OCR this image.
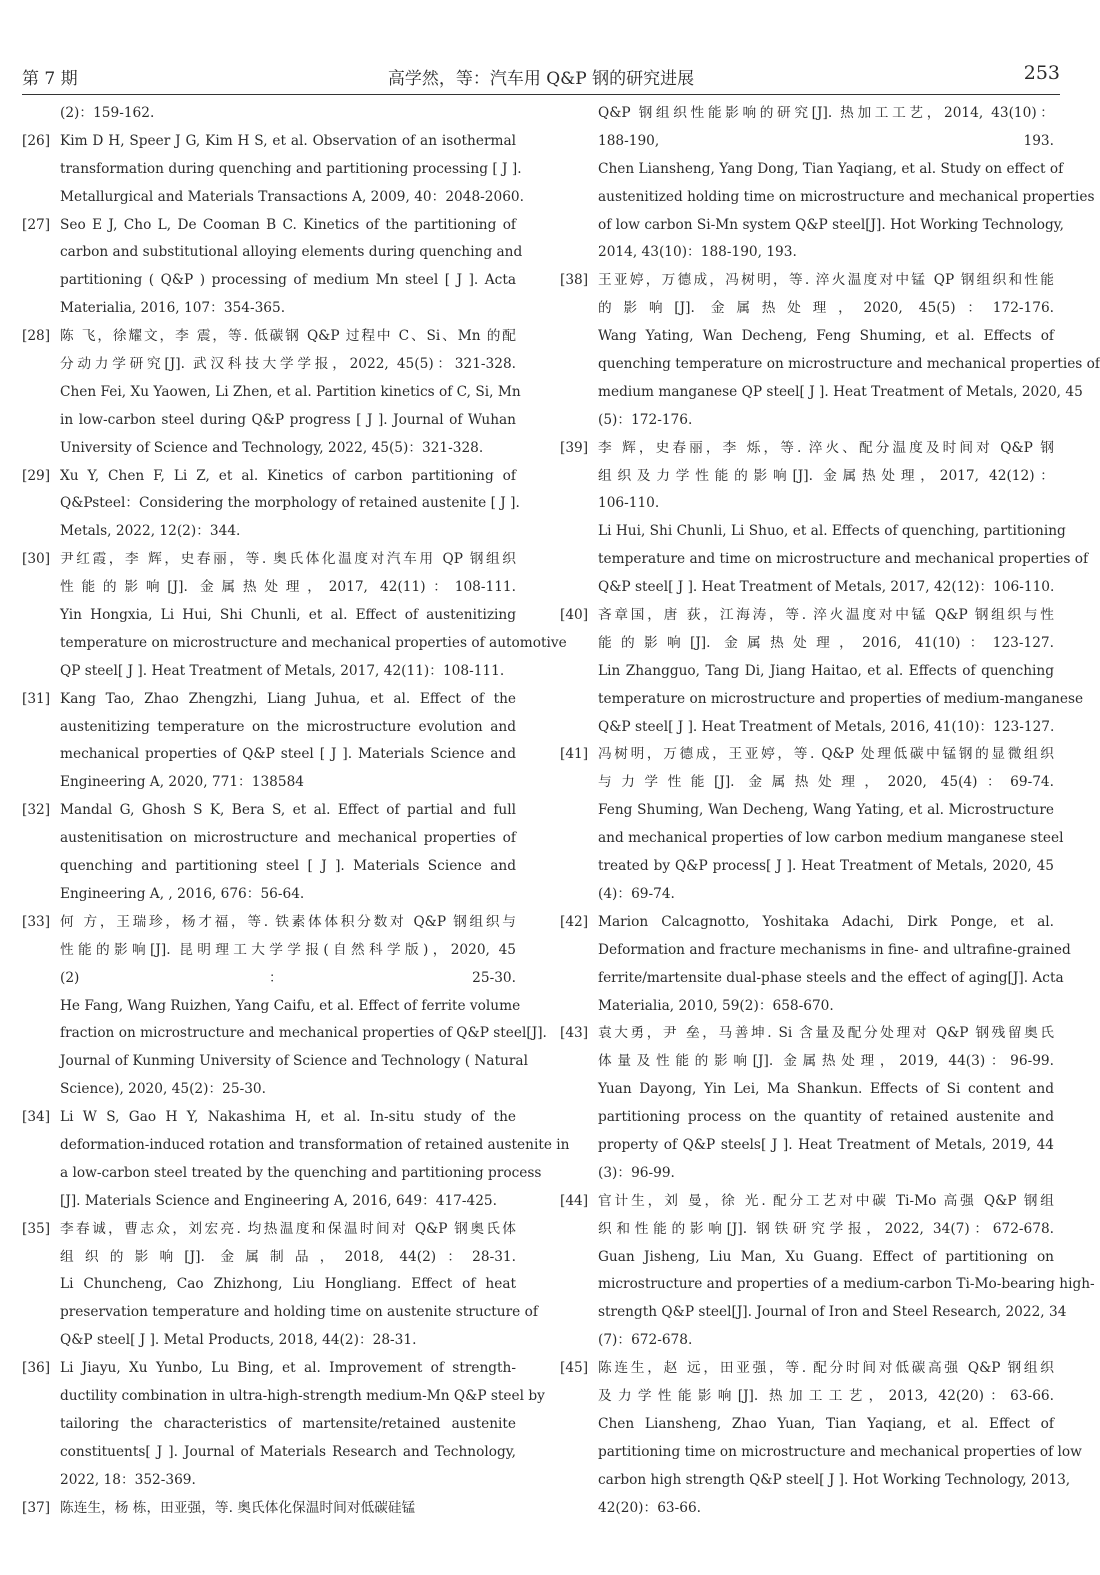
第 7 期	高学然，等：汽车用 Q&P 钢的研究进展	253
(2)：159-162.
[26] Kim D H, Speer J G, Kim H S, et al. Observation of an isothermal
transformation during quenching and partitioning processing [ J ].
Metallurgical and Materials Transactions A, 2009, 40：2048-2060.
[27] Seo E J, Cho L, De Cooman B C. Kinetics of the partitioning of
carbon and substitutional alloying elements during quenching and
partitioning ( Q&P ) processing of medium Mn steel [ J ]. Acta
Materialia, 2016, 107：354-365.
[28] 陈 飞，徐耀文，李 震，等. 低碳钢 Q&P 过程中 C、Si、Mn 的配
分动力学研究[J]. 武汉科技大学学报，2022, 45(5)：321-328.
Chen Fei, Xu Yaowen, Li Zhen, et al. Partition kinetics of C, Si, Mn
in low-carbon steel during Q&P progress [ J ]. Journal of Wuhan
University of Science and Technology, 2022, 45(5)：321-328.
[29] Xu Y, Chen F, Li Z, et al. Kinetics of carbon partitioning of
Q&Psteel：Considering the morphology of retained austenite [ J ].
Metals, 2022, 12(2)：344.
[30] 尹红霞，李 辉，史春丽，等. 奥氏体化温度对汽车用 QP 钢组织
性能的影响[J]. 金属热处理，2017, 42(11)：108-111.
Yin Hongxia, Li Hui, Shi Chunli, et al. Effect of austenitizing
temperature on microstructure and mechanical properties of automotive
QP steel[ J ]. Heat Treatment of Metals, 2017, 42(11)：108-111.
[31] Kang Tao, Zhao Zhengzhi, Liang Juhua, et al. Effect of the
austenitizing temperature on the microstructure evolution and
mechanical properties of Q&P steel [ J ]. Materials Science and
Engineering A, 2020, 771：138584
[32] Mandal G, Ghosh S K, Bera S, et al. Effect of partial and full
austenitisation on microstructure and mechanical properties of
quenching and partitioning steel [ J ]. Materials Science and
Engineering A, , 2016, 676：56-64.
[33] 何 方，王瑞珍，杨才福，等. 铁素体体积分数对 Q&P 钢组织与
性能的影响[J]. 昆明理工大学学报(自然科学版)，2020, 45
(2)：25-30.
He Fang, Wang Ruizhen, Yang Caifu, et al. Effect of ferrite volume
fraction on microstructure and mechanical properties of Q&P steel[J].
Journal of Kunming University of Science and Technology ( Natural
Science), 2020, 45(2)：25-30.
[34] Li W S, Gao H Y, Nakashima H, et al. In-situ study of the
deformation-induced rotation and transformation of retained austenite in
a low-carbon steel treated by the quenching and partitioning process
[J]. Materials Science and Engineering A, 2016, 649：417-425.
[35] 李春诚，曹志众，刘宏亮. 均热温度和保温时间对 Q&P 钢奥氏体
组织的影响[J]. 金属制品，2018, 44(2)：28-31.
Li Chuncheng, Cao Zhizhong, Liu Hongliang. Effect of heat
preservation temperature and holding time on austenite structure of
Q&P steel[ J ]. Metal Products, 2018, 44(2)：28-31.
[36] Li Jiayu, Xu Yunbo, Lu Bing, et al. Improvement of strength-
ductility combination in ultra-high-strength medium-Mn Q&P steel by
tailoring the characteristics of martensite/retained austenite
constituents[ J ]. Journal of Materials Research and Technology,
2022, 18：352-369.
[37] 陈连生，杨 栋，田亚强，等. 奥氏体化保温时间对低碳硅锰
Q&P 钢组织性能影响的研究[J]. 热加工工艺，2014, 43(10)：
188-190, 193.
Chen Liansheng, Yang Dong, Tian Yaqiang, et al. Study on effect of
austenitized holding time on microstructure and mechanical properties
of low carbon Si-Mn system Q&P steel[J]. Hot Working Technology,
2014, 43(10)：188-190, 193.
[38] 王亚婷，万德成，冯树明，等. 淬火温度对中锰 QP 钢组织和性能
的影响[J]. 金属热处理，2020, 45(5)：172-176.
Wang Yating, Wan Decheng, Feng Shuming, et al. Effects of
quenching temperature on microstructure and mechanical properties of
medium manganese QP steel[ J ]. Heat Treatment of Metals, 2020, 45
(5)：172-176.
[39] 李 辉，史春丽，李 烁，等. 淬火、配分温度及时间对 Q&P 钢
组织及力学性能的影响[J]. 金属热处理，2017, 42(12)：
106-110.
Li Hui, Shi Chunli, Li Shuo, et al. Effects of quenching, partitioning
temperature and time on microstructure and mechanical properties of
Q&P steel[ J ]. Heat Treatment of Metals, 2017, 42(12)：106-110.
[40] 吝章国，唐 荻，江海涛，等. 淬火温度对中锰 Q&P 钢组织与性
能的影响[J]. 金属热处理，2016, 41(10)：123-127.
Lin Zhangguo, Tang Di, Jiang Haitao, et al. Effects of quenching
temperature on microstructure and properties of medium-manganese
Q&P steel[ J ]. Heat Treatment of Metals, 2016, 41(10)：123-127.
[41] 冯树明，万德成，王亚婷，等. Q&P 处理低碳中锰钢的显微组织
与力学性能[J]. 金属热处理，2020, 45(4)：69-74.
Feng Shuming, Wan Decheng, Wang Yating, et al. Microstructure
and mechanical properties of low carbon medium manganese steel
treated by Q&P process[ J ]. Heat Treatment of Metals, 2020, 45
(4)：69-74.
[42] Marion Calcagnotto, Yoshitaka Adachi, Dirk Ponge, et al.
Deformation and fracture mechanisms in fine- and ultrafine-grained
ferrite/martensite dual-phase steels and the effect of aging[J]. Acta
Materialia, 2010, 59(2)：658-670.
[43] 袁大勇，尹 垒，马善坤. Si 含量及配分处理对 Q&P 钢残留奥氏
体量及性能的影响[J]. 金属热处理，2019, 44(3)：96-99.
Yuan Dayong, Yin Lei, Ma Shankun. Effects of Si content and
partitioning process on the quantity of retained austenite and
property of Q&P steels[ J ]. Heat Treatment of Metals, 2019, 44
(3)：96-99.
[44] 官计生，刘 曼，徐 光. 配分工艺对中碳 Ti-Mo 高强 Q&P 钢组
织和性能的影响[J]. 钢铁研究学报，2022, 34(7)：672-678.
Guan Jisheng, Liu Man, Xu Guang. Effect of partitioning on
microstructure and properties of a medium-carbon Ti-Mo-bearing high-
strength Q&P steel[J]. Journal of Iron and Steel Research, 2022, 34
(7)：672-678.
[45] 陈连生，赵 远，田亚强，等. 配分时间对低碳高强 Q&P 钢组织
及力学性能影响[J]. 热加工工艺，2013, 42(20)：63-66.
Chen Liansheng, Zhao Yuan, Tian Yaqiang, et al. Effect of
partitioning time on microstructure and mechanical properties of low
carbon high strength Q&P steel[ J ]. Hot Working Technology, 2013,
42(20)：63-66.
